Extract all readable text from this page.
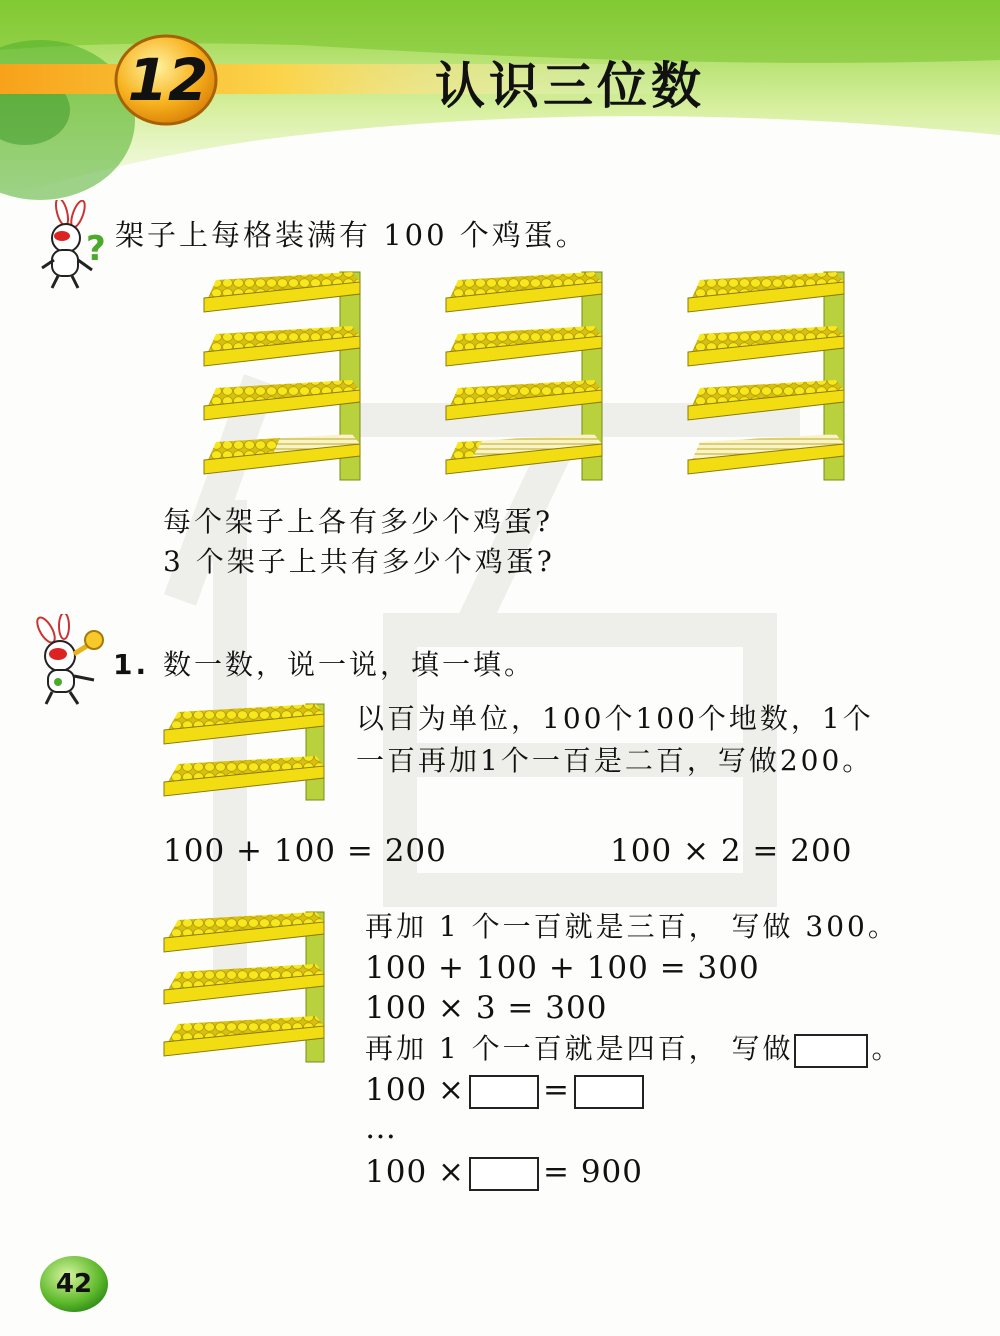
12	认识三位数
? 架子上每格装满有 100 个鸡蛋。
每个架子上各有多少个鸡蛋?
3 个架子上共有多少个鸡蛋?
1. 数一数，说一说，填一填。
以百为单位，100个100个地数，1个
一百再加1个一百是二百，写做200。
100 + 100 = 200	100 × 2 = 200
再加 1 个一百就是三百， 写做 300。
100 + 100 + 100 = 300
100 × 3 = 300
再加 1 个一百就是四百， 写做	。
100 ×	=
…
100 ×	= 900
42
